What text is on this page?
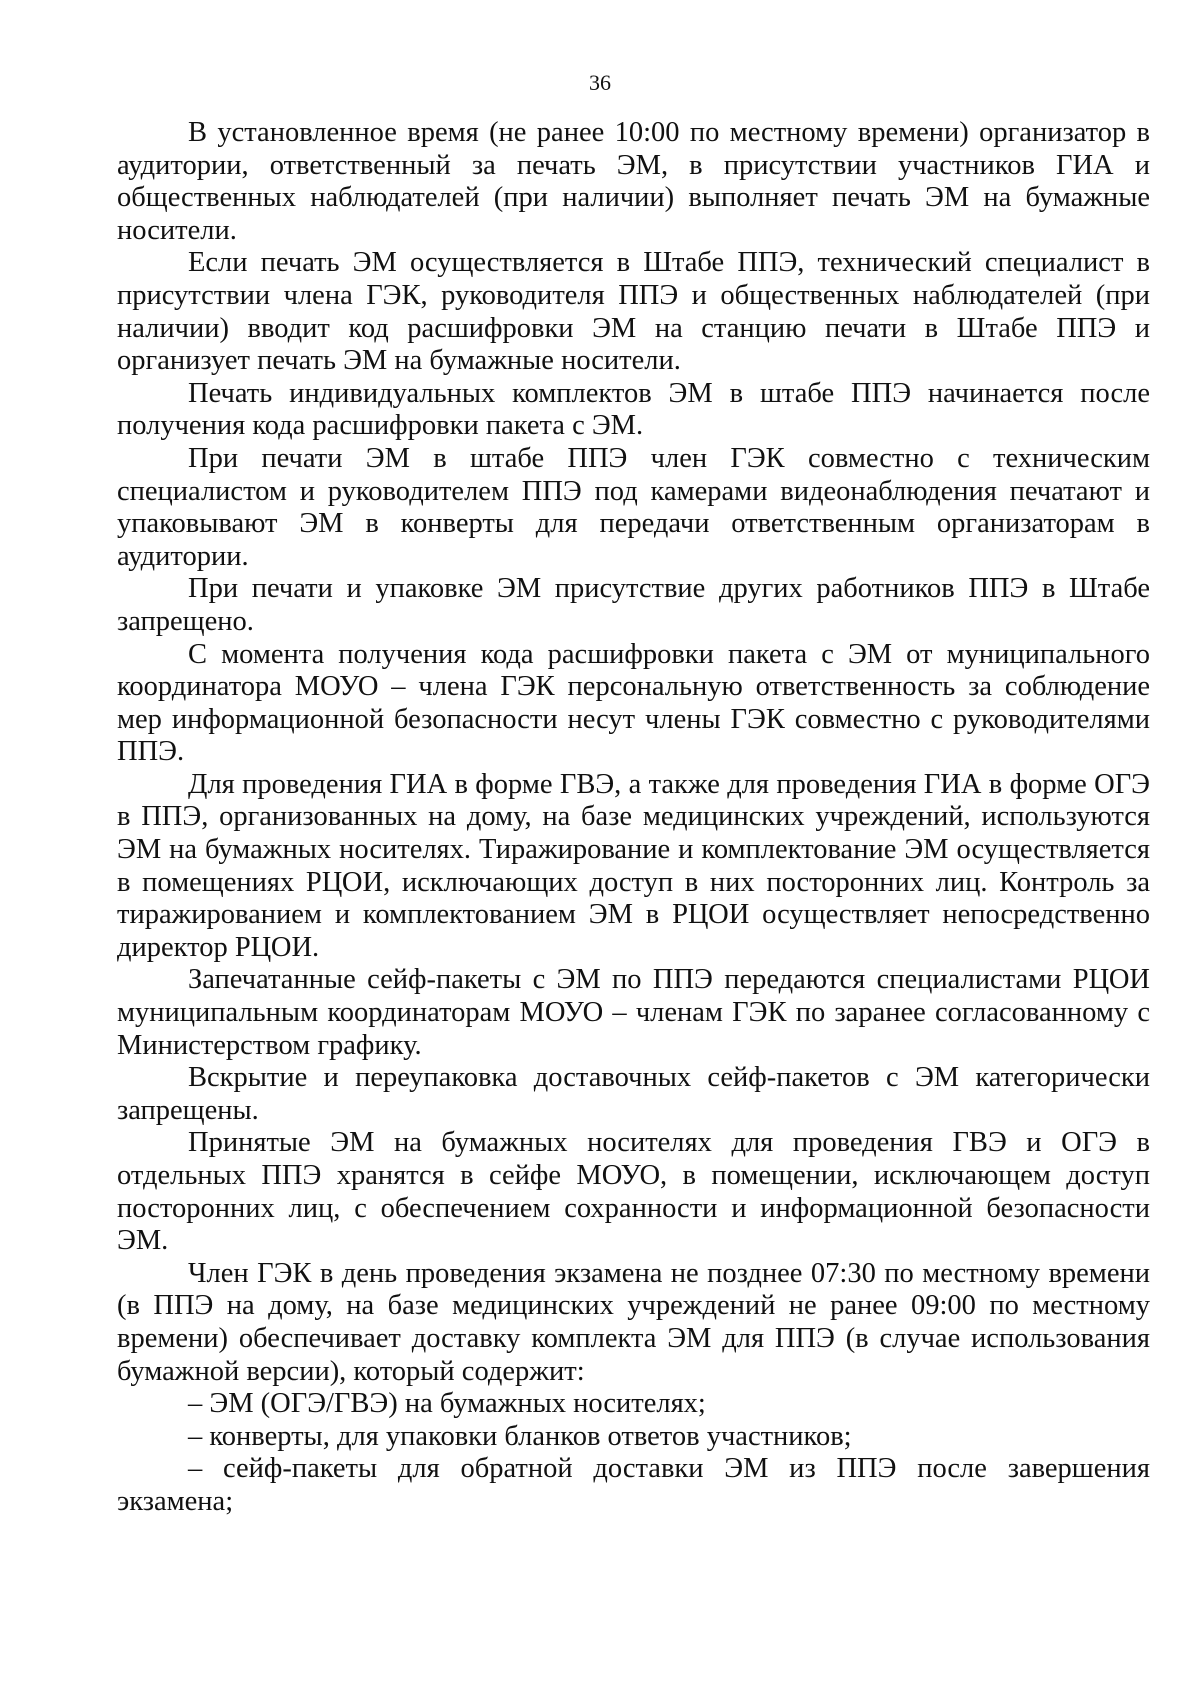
36

В установленное время (не ранее 10:00 по местному времени) организатор в аудитории, ответственный за печать ЭМ, в присутствии участников ГИА и общественных наблюдателей (при наличии) выполняет печать ЭМ на бумажные носители.

Если печать ЭМ осуществляется в Штабе ППЭ, технический специалист в присутствии члена ГЭК, руководителя ППЭ и общественных наблюдателей (при наличии) вводит код расшифровки ЭМ на станцию печати в Штабе ППЭ и организует печать ЭМ на бумажные носители.

Печать индивидуальных комплектов ЭМ в штабе ППЭ начинается после получения кода расшифровки пакета с ЭМ.

При печати ЭМ в штабе ППЭ член ГЭК совместно с техническим специалистом и руководителем ППЭ под камерами видеонаблюдения печатают и упаковывают ЭМ в конверты для передачи ответственным организаторам в аудитории.

При печати и упаковке ЭМ присутствие других работников ППЭ в Штабе запрещено.

С момента получения кода расшифровки пакета с ЭМ от муниципального координатора МОУО – члена ГЭК персональную ответственность за соблюдение мер информационной безопасности несут члены ГЭК совместно с руководителями ППЭ.

Для проведения ГИА в форме ГВЭ, а также для проведения ГИА в форме ОГЭ в ППЭ, организованных на дому, на базе медицинских учреждений, используются ЭМ на бумажных носителях. Тиражирование и комплектование ЭМ осуществляется в помещениях РЦОИ, исключающих доступ в них посторонних лиц. Контроль за тиражированием и комплектованием ЭМ в РЦОИ осуществляет непосредственно директор РЦОИ.

Запечатанные сейф-пакеты с ЭМ по ППЭ передаются специалистами РЦОИ муниципальным координаторам МОУО – членам ГЭК по заранее согласованному с Министерством графику.

Вскрытие и переупаковка доставочных сейф-пакетов с ЭМ категорически запрещены.

Принятые ЭМ на бумажных носителях для проведения ГВЭ и ОГЭ в отдельных ППЭ хранятся в сейфе МОУО, в помещении, исключающем доступ посторонних лиц, с обеспечением сохранности и информационной безопасности ЭМ.

Член ГЭК в день проведения экзамена не позднее 07:30 по местному времени (в ППЭ на дому, на базе медицинских учреждений не ранее 09:00 по местному времени) обеспечивает доставку комплекта ЭМ для ППЭ (в случае использования бумажной версии), который содержит:

– ЭМ (ОГЭ/ГВЭ) на бумажных носителях;

– конверты, для упаковки бланков ответов участников;

– сейф-пакеты для обратной доставки ЭМ из ППЭ после завершения экзамена;
